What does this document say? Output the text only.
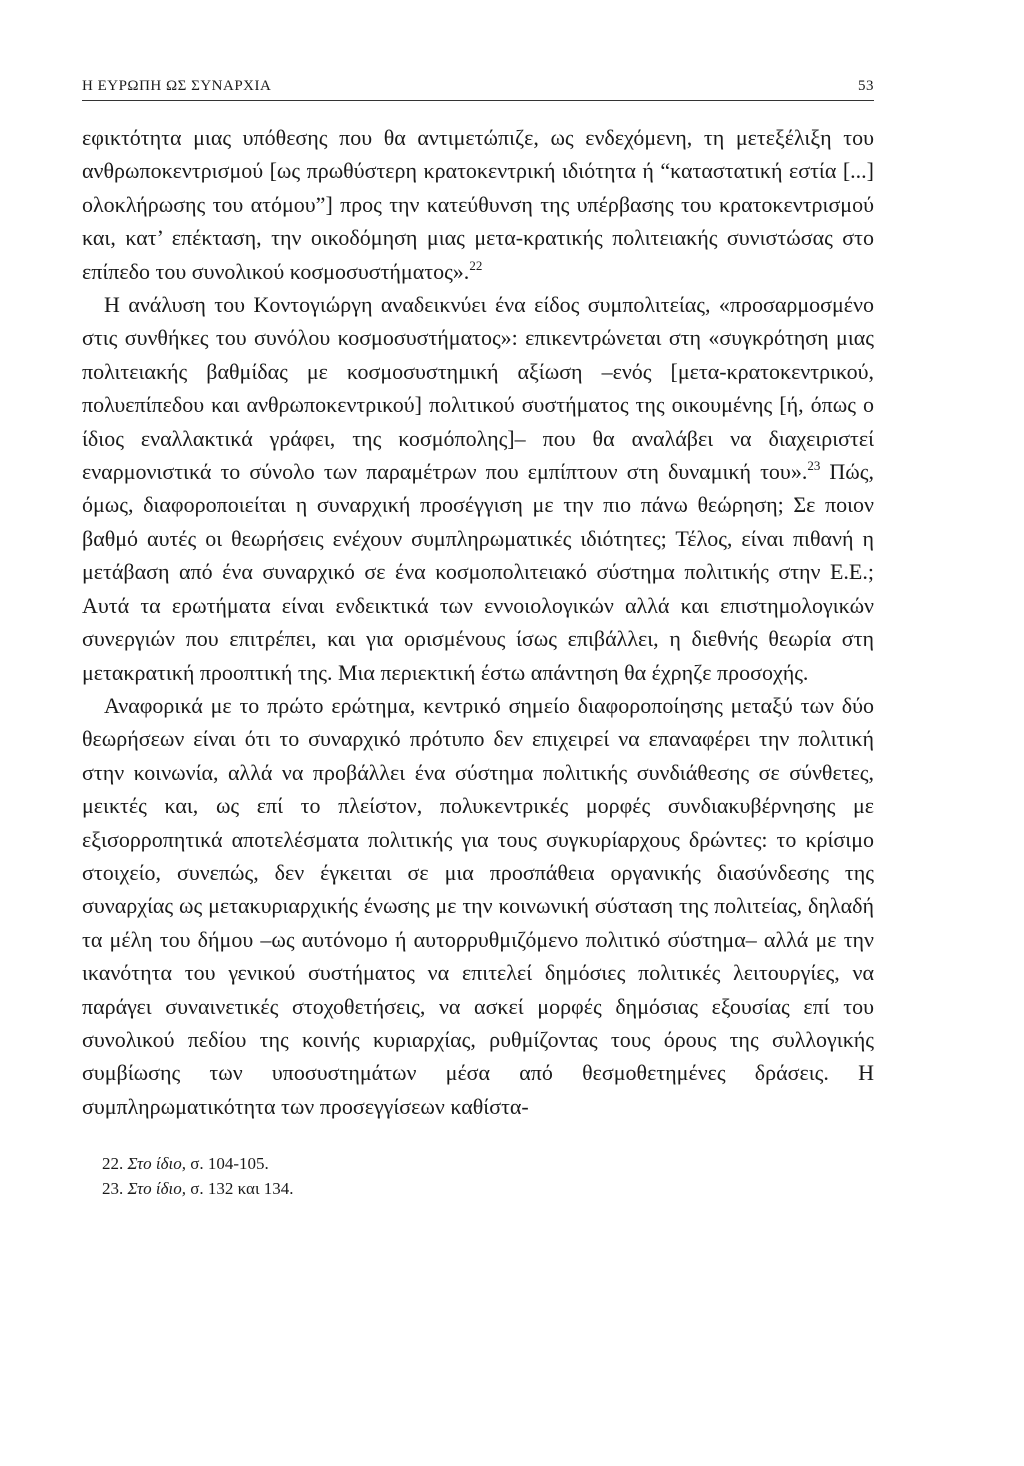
Η ΕΥΡΩΠΗ ΩΣ ΣΥΝΑΡΧΙΑ	53

εφικτότητα μιας υπόθεσης που θα αντιμετώπιζε, ως ενδεχόμενη, τη μετεξέλιξη του ανθρωποκεντρισμού [ως πρωθύστερη κρατοκεντρική ιδιότητα ή “καταστατική εστία [...] ολοκλήρωσης του ατόμου”] προς την κατεύθυνση της υπέρβασης του κρατοκεντρισμού και, κατ’ επέκταση, την οικοδόμηση μιας μετα-κρατικής πολιτειακής συνιστώσας στο επίπεδο του συνολικού κοσμοσυστήματος».$^{22}$

Η ανάλυση του Κοντογιώργη αναδεικνύει ένα είδος συμπολιτείας, «προσαρμοσμένο στις συνθήκες του συνόλου κοσμοσυστήματος»: επικεντρώνεται στη «συγκρότηση μιας πολιτειακής βαθμίδας με κοσμοσυστημική αξίωση –ενός [μετα-κρατοκεντρικού, πολυεπίπεδου και ανθρωποκεντρικού] πολιτικού συστήματος της οικουμένης [ή, όπως ο ίδιος εναλλακτικά γράφει, της κοσμόπολης]– που θα αναλάβει να διαχειριστεί εναρμονιστικά το σύνολο των παραμέτρων που εμπίπτουν στη δυναμική του».$^{23}$ Πώς, όμως, διαφοροποιείται η συναρχική προσέγγιση με την πιο πάνω θεώρηση; Σε ποιον βαθμό αυτές οι θεωρήσεις ενέχουν συμπληρωματικές ιδιότητες; Τέλος, είναι πιθανή η μετάβαση από ένα συναρχικό σε ένα κοσμοπολιτειακό σύστημα πολιτικής στην Ε.Ε.; Αυτά τα ερωτήματα είναι ενδεικτικά των εννοιολογικών αλλά και επιστημολογικών συνεργιών που επιτρέπει, και για ορισμένους ίσως επιβάλλει, η διεθνής θεωρία στη μετακρατική προοπτική της. Μια περιεκτική έστω απάντηση θα έχρηζε προσοχής.

Αναφορικά με το πρώτο ερώτημα, κεντρικό σημείο διαφοροποίησης μεταξύ των δύο θεωρήσεων είναι ότι το συναρχικό πρότυπο δεν επιχειρεί να επαναφέρει την πολιτική στην κοινωνία, αλλά να προβάλλει ένα σύστημα πολιτικής συνδιάθεσης σε σύνθετες, μεικτές και, ως επί το πλείστον, πολυκεντρικές μορφές συνδιακυβέρνησης με εξισορροπητικά αποτελέσματα πολιτικής για τους συγκυρίαρχους δρώντες: το κρίσιμο στοιχείο, συνεπώς, δεν έγκειται σε μια προσπάθεια οργανικής διασύνδεσης της συναρχίας ως μετακυριαρχικής ένωσης με την κοινωνική σύσταση της πολιτείας, δηλαδή τα μέλη του δήμου –ως αυτόνομο ή αυτορρυθμιζόμενο πολιτικό σύστημα– αλλά με την ικανότητα του γενικού συστήματος να επιτελεί δημόσιες πολιτικές λειτουργίες, να παράγει συναινετικές στοχοθετήσεις, να ασκεί μορφές δημόσιας εξουσίας επί του συνολικού πεδίου της κοινής κυριαρχίας, ρυθμίζοντας τους όρους της συλλογικής συμβίωσης των υποσυστημάτων μέσα από θεσμοθετημένες δράσεις. Η συμπληρωματικότητα των προσεγγίσεων καθίστα-

22. Στο ίδιο, σ. 104-105.
23. Στο ίδιο, σ. 132 και 134.
